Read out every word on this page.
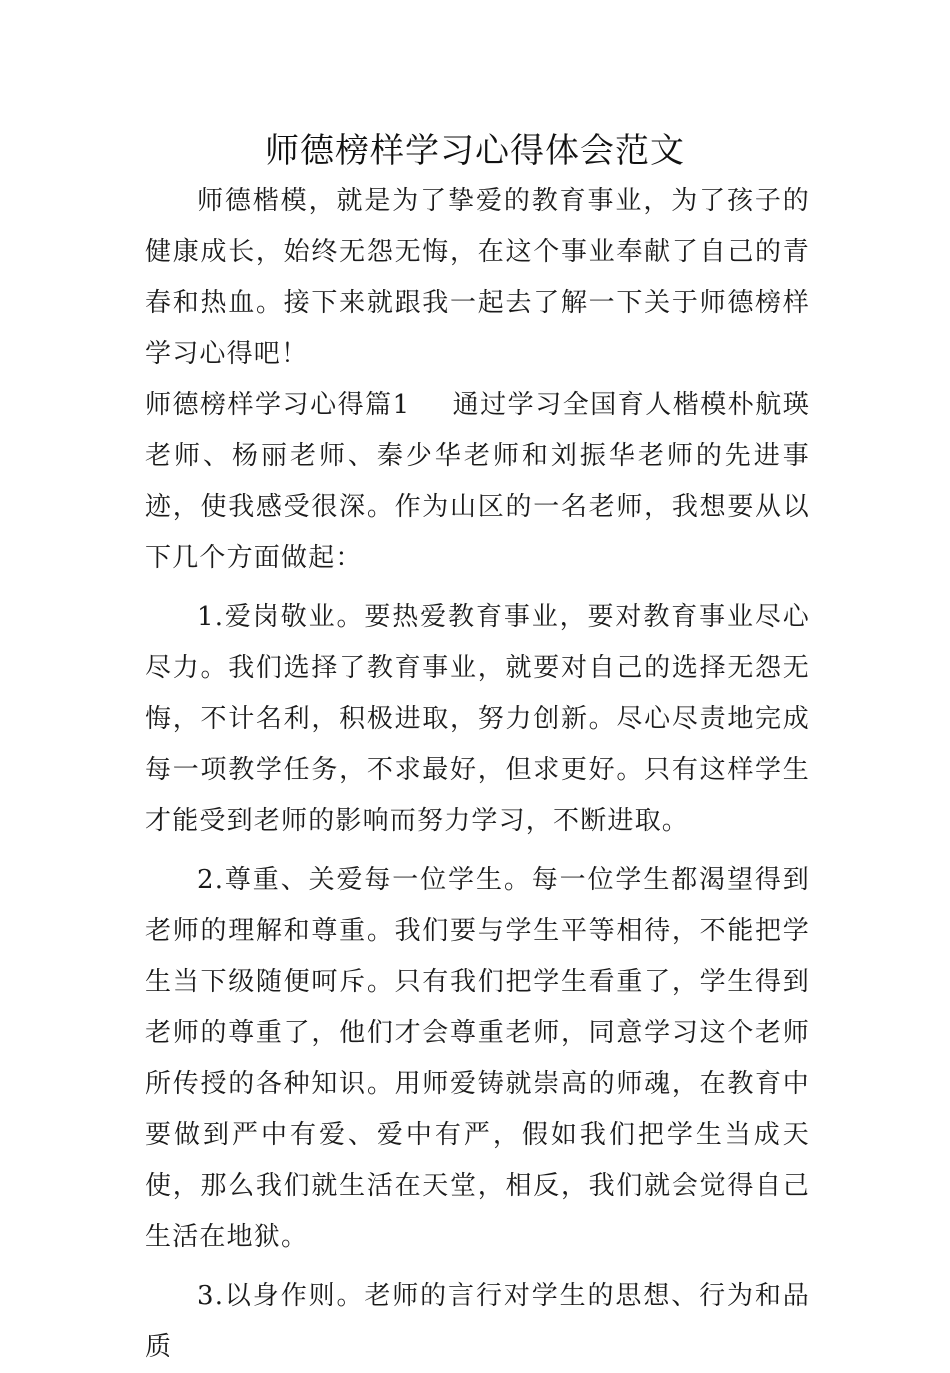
师德榜样学习心得体会范文

师德楷模，就是为了挚爱的教育事业，为了孩子的健康成长，始终无怨无悔，在这个事业奉献了自己的青春和热血。接下来就跟我一起去了解一下关于师德榜样学习心得吧！

师德榜样学习心得篇1 通过学习全国育人楷模朴航瑛老师、杨丽老师、秦少华老师和刘振华老师的先进事迹，使我感受很深。作为山区的一名老师，我想要从以下几个方面做起：

1.爱岗敬业。要热爱教育事业，要对教育事业尽心尽力。我们选择了教育事业，就要对自己的选择无怨无悔，不计名利，积极进取，努力创新。尽心尽责地完成每一项教学任务，不求最好，但求更好。只有这样学生才能受到老师的影响而努力学习，不断进取。

2.尊重、关爱每一位学生。每一位学生都渴望得到老师的理解和尊重。我们要与学生平等相待，不能把学生当下级随便呵斥。只有我们把学生看重了，学生得到老师的尊重了，他们才会尊重老师，同意学习这个老师所传授的各种知识。用师爱铸就崇高的师魂，在教育中要做到严中有爱、爱中有严，假如我们把学生当成天使，那么我们就生活在天堂，相反，我们就会觉得自己生活在地狱。

3.以身作则。老师的言行对学生的思想、行为和品质
